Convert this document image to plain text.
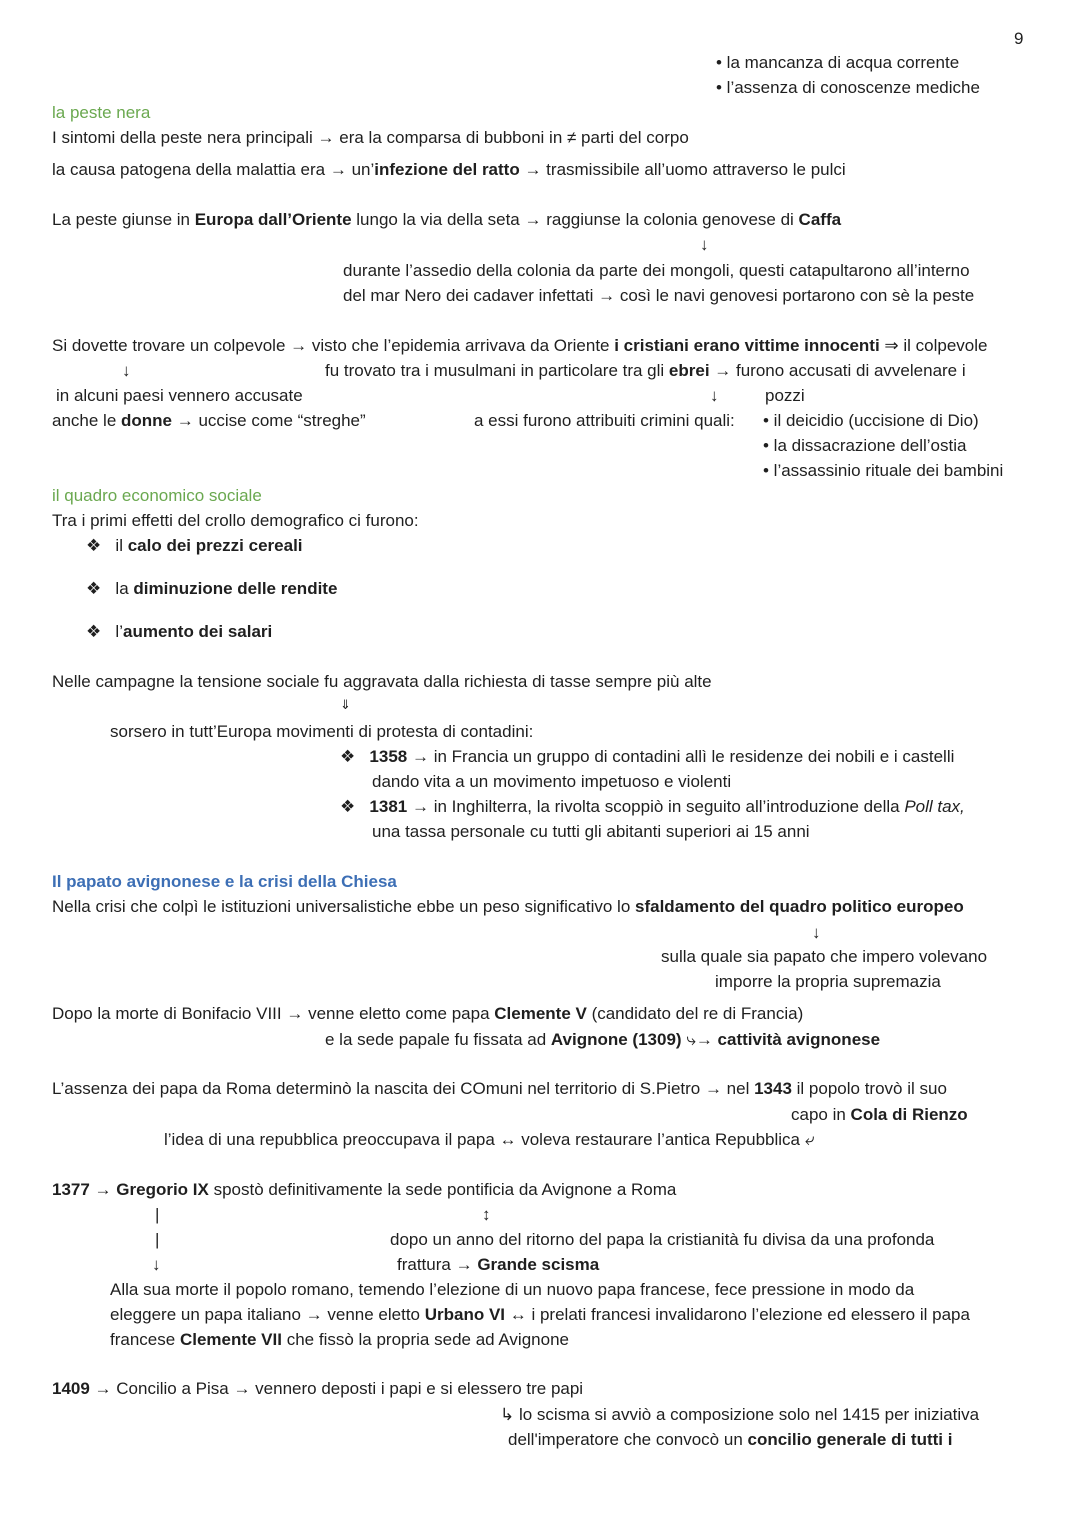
9
• la mancanza di acqua corrente
• l’assenza di conoscenze mediche
la peste nera
I sintomi della peste nera principali → era la comparsa di bubboni in ≠ parti del corpo
la causa patogena della malattia era → un’infezione del ratto → trasmissibile all’uomo attraverso le pulci
La peste giunse in Europa dall’Oriente lungo la via della seta → raggiunse la colonia genovese di Caffa
↓
durante l’assedio della colonia da parte dei mongoli, questi catapultarono all’interno
del mar Nero dei cadaver infettati → così le navi genovesi portarono con sè la peste
Si dovette trovare un colpevole → visto che l’epidemia arrivava da Oriente i cristiani erano vittime innocenti ⇒ il colpevole
↓	fu trovato tra i musulmani in particolare tra gli ebrei → furono accusati di avvelenare i
in alcuni paesi vennero accusate	↓	pozzi
anche le donne → uccise come “streghe”	a essi furono attribuiti crimini quali: • il deicidio (uccisione di Dio)
• la dissacrazione dell’ostia
• l’assassinio rituale dei bambini
il quadro economico sociale
Tra i primi effetti del crollo demografico ci furono:
❖ il calo dei prezzi cereali
❖ la diminuzione delle rendite
❖ l’aumento dei salari
Nelle campagne la tensione sociale fu aggravata dalla richiesta di tasse sempre più alte
⇓
sorsero in tutt’Europa movimenti di protesta di contadini:
❖ 1358 → in Francia un gruppo di contadini allì le residenze dei nobili e i castelli
dando vita a un movimento impetuoso e violenti
❖ 1381 → in Inghilterra, la rivolta scoppiò in seguito all’introduzione della Poll tax,
una tassa personale cu tutti gli abitanti superiori ai 15 anni
Il papato avignonese e la crisi della Chiesa
Nella crisi che colpì le istituzioni universalistiche ebbe un peso significativo lo sfaldamento del quadro politico europeo
↓
sulla quale sia papato che impero volevano
imporre la propria supremazia
Dopo la morte di Bonifacio VIII → venne eletto come papa Clemente V (candidato del re di Francia)
e la sede papale fu fissata ad Avignone (1309) ⤷→ cattività avignonese
L’assenza dei papa da Roma determinò la nascita dei COmuni nel territorio di S.Pietro → nel 1343 il popolo trovò il suo
capo in Cola di Rienzo
l’idea di una repubblica preoccupava il papa ↔ voleva restaurare l’antica Repubblica ⤶
1377 → Gregorio IX spostò definitivamente la sede pontificia da Avignone a Roma
|	↕
|	dopo un anno del ritorno del papa la cristianità fu divisa da una profonda
↓	frattura → Grande scisma
Alla sua morte il popolo romano, temendo l’elezione di un nuovo papa francese, fece pressione in modo da
eleggere un papa italiano → venne eletto Urbano VI ↔ i prelati francesi invalidarono l’elezione ed elessero il papa
francese Clemente VII che fissò la propria sede ad Avignone
1409 → Concilio a Pisa → vennero deposti i papi e si elessero tre papi
↳ lo scisma si avviò a composizione solo nel 1415 per iniziativa
dell'imperatore che convocò un concilio generale di tutti i
